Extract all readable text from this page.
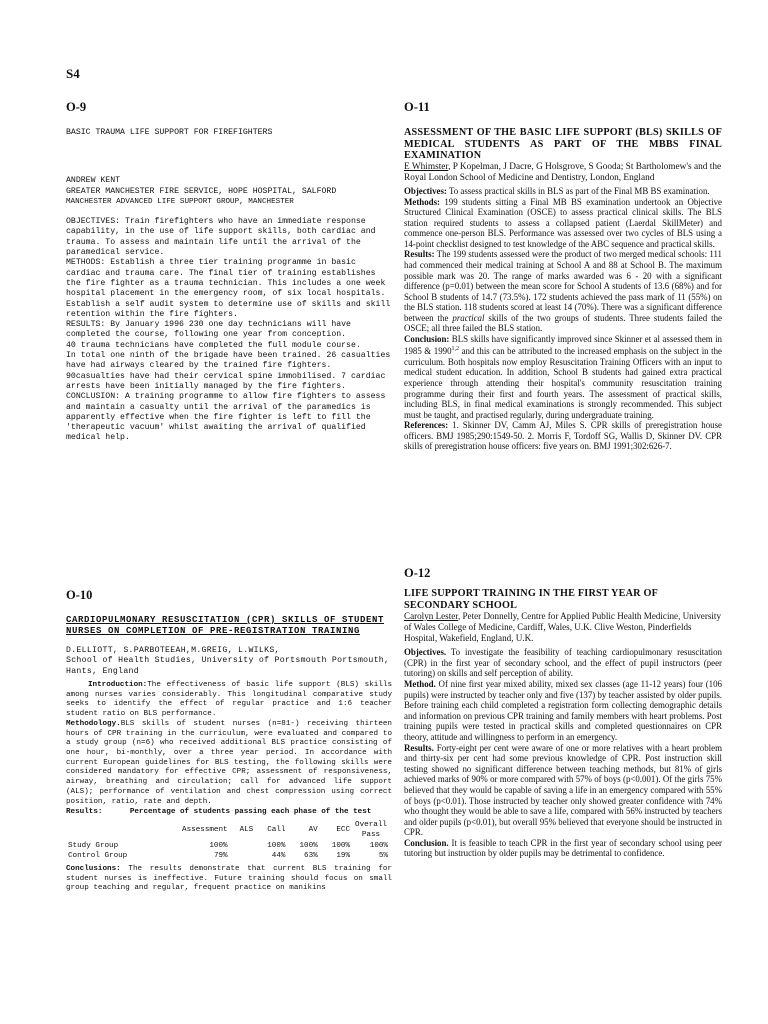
S4

O-9

BASIC TRAUMA LIFE SUPPORT FOR FIREFIGHTERS
ANDREW KENT
GREATER MANCHESTER FIRE SERVICE, HOPE HOSPITAL, SALFORD
MANCHESTER ADVANCED LIFE SUPPORT GROUP, MANCHESTER

OBJECTIVES: Train firefighters who have an immediate response capability, in the use of life support skills, both cardiac and trauma. To assess and maintain life until the arrival of the paramedical service.

METHODS: Establish a three tier training programme in basic cardiac and trauma care. The final tier of training establishes the fire fighter as a trauma technician. This includes a one week hospital placement in the emergency room, of six local hospitals.

Establish a self audit system to determine use of skills and skill retention within the fire fighters.

RESULTS: By January 1996 230 one day technicians will have completed the course, following one year from conception.

40 trauma technicians have completed the full module course.

In total one ninth of the brigade have been trained. 26 casualties have had airways cleared by the trained fire fighters. 90casualties have had their cervical spine immobilised. 7 cardiac arrests have been initially managed by the fire fighters.

CONCLUSION: A training programme to allow fire fighters to assess and maintain a casualty until the arrival of the paramedics is apparently effective when the fire fighter is left to fill the 'therapeutic vacuum' whilst awaiting the arrival of qualified medical help.

O-10

CARDIOPULMONARY RESUSCITATION (CPR) SKILLS OF STUDENT NURSES ON COMPLETION OF PRE-REGISTRATION TRAINING
D.ELLIOTT, S.PARBOTEEAH,M.GREIG, L.WILKS,
School of Health Studies, University of Portsmouth Portsmouth, Hants, England

Introduction:The effectiveness of basic life support (BLS) skills among nurses varies considerably. This longitudinal comparative study seeks to identify the effect of regular practice and 1:6 teacher student ratio on BLS performance.

Methodology.BLS skills of student nurses (n=81-) receiving thirteen hours of CPR training in the curriculum, were evaluated and compared to a study group (n=6) who received additional BLS practice consisting of one hour, bi-monthly, over a three year period. In accordance with current European guidelines for BLS testing, the following skills were considered mandatory for effective CPR; assessment of responsiveness, airway, breathing and circulation; call for advanced life support (ALS); performance of ventilation and chest compression using correct position, ratio, rate and depth.

Results:	Percentage of students passing each phase of the test

	Assessment	ALS	Call	AV	ECC	Overall Pass
Study Group	100%	100%		100%	100%	100%
Control Group	79%	44%		63%	19%	5%

Conclusions: The results demonstrate that current BLS training for student nurses is ineffective. Future training should focus on small group teaching and regular, frequent practice on manikins

O-11

ASSESSMENT OF THE BASIC LIFE SUPPORT (BLS) SKILLS OF MEDICAL STUDENTS AS PART OF THE MBBS FINAL EXAMINATION
E Whimster, P Kopelman, J Dacre, G Holsgrove, S Gooda; St Bartholomew's and the Royal London School of Medicine and Dentistry, London, England

Objectives: To assess practical skills in BLS as part of the Final MB BS examination.

Methods: 199 students sitting a Final MB BS examination undertook an Objective Structured Clinical Examination (OSCE) to assess practical clinical skills. The BLS station required students to assess a collapsed patient (Laerdal SkillMeter) and commence one-person BLS. Performance was assessed over two cycles of BLS using a 14-point checklist designed to test knowledge of the ABC sequence and practical skills.

Results: The 199 students assessed were the product of two merged medical schools: 111 had commenced their medical training at School A and 88 at School B. The maximum possible mark was 20. The range of marks awarded was 6 - 20 with a significant difference (p=0.01) between the mean score for School A students of 13.6 (68%) and for School B students of 14.7 (73.5%). 172 students achieved the pass mark of 11 (55%) on the BLS station. 118 students scored at least 14 (70%). There was a significant difference between the practical skills of the two groups of students. Three students failed the OSCE; all three failed the BLS station.

Conclusion: BLS skills have significantly improved since Skinner et al assessed them in 1985 & 1990$^{1,2}$ and this can be attributed to the increased emphasis on the subject in the curriculum. Both hospitals now employ Resuscitation Training Officers with an input to medical student education. In addition, School B students had gained extra practical experience through attending their hospital's community resuscitation training programme during their first and fourth years. The assessment of practical skills, including BLS, in final medical examinations is strongly recommended. This subject must be taught, and practised regularly, during undergraduate training.

References: 1. Skinner DV, Camm AJ, Miles S. CPR skills of preregistration house officers. BMJ 1985;290:1549-50. 2. Morris F, Tordoff SG, Wallis D, Skinner DV. CPR skills of preregistration house officers: five years on. BMJ 1991;302:626-7.

O-12

LIFE SUPPORT TRAINING IN THE FIRST YEAR OF SECONDARY SCHOOL
Carolyn Lester, Peter Donnelly, Centre for Applied Public Health Medicine, University of Wales College of Medicine, Cardiff, Wales, U.K. Clive Weston, Pinderfields Hospital, Wakefield, England, U.K.

Objectives. To investigate the feasibility of teaching cardiopulmonary resuscitation (CPR) in the first year of secondary school, and the effect of pupil instructors (peer tutoring) on skills and self perception of ability.

Method. Of nine first year mixed ability, mixed sex classes (age 11-12 years) four (106 pupils) were instructed by teacher only and five (137) by teacher assisted by older pupils. Before training each child completed a registration form collecting demographic details and information on previous CPR training and family members with heart problems. Post training pupils were tested in practical skills and completed questionnaires on CPR theory, attitude and willingness to perform in an emergency.

Results. Forty-eight per cent were aware of one or more relatives with a heart problem and thirty-six per cent had some previous knowledge of CPR. Post instruction skill testing showed no significant difference between teaching methods, but 81% of girls achieved marks of 90% or more compared with 57% of boys (p<0.001). Of the girls 75% believed that they would be capable of saving a life in an emergency compared with 55% of boys (p<0.01). Those instructed by teacher only showed greater confidence with 74% who thought they would be able to save a life, compared with 56% instructed by teachers and older pupils (p<0.01), but overall 95% believed that everyone should be instructed in CPR.

Conclusion. It is feasible to teach CPR in the first year of secondary school using peer tutoring but instruction by older pupils may be detrimental to confidence.
